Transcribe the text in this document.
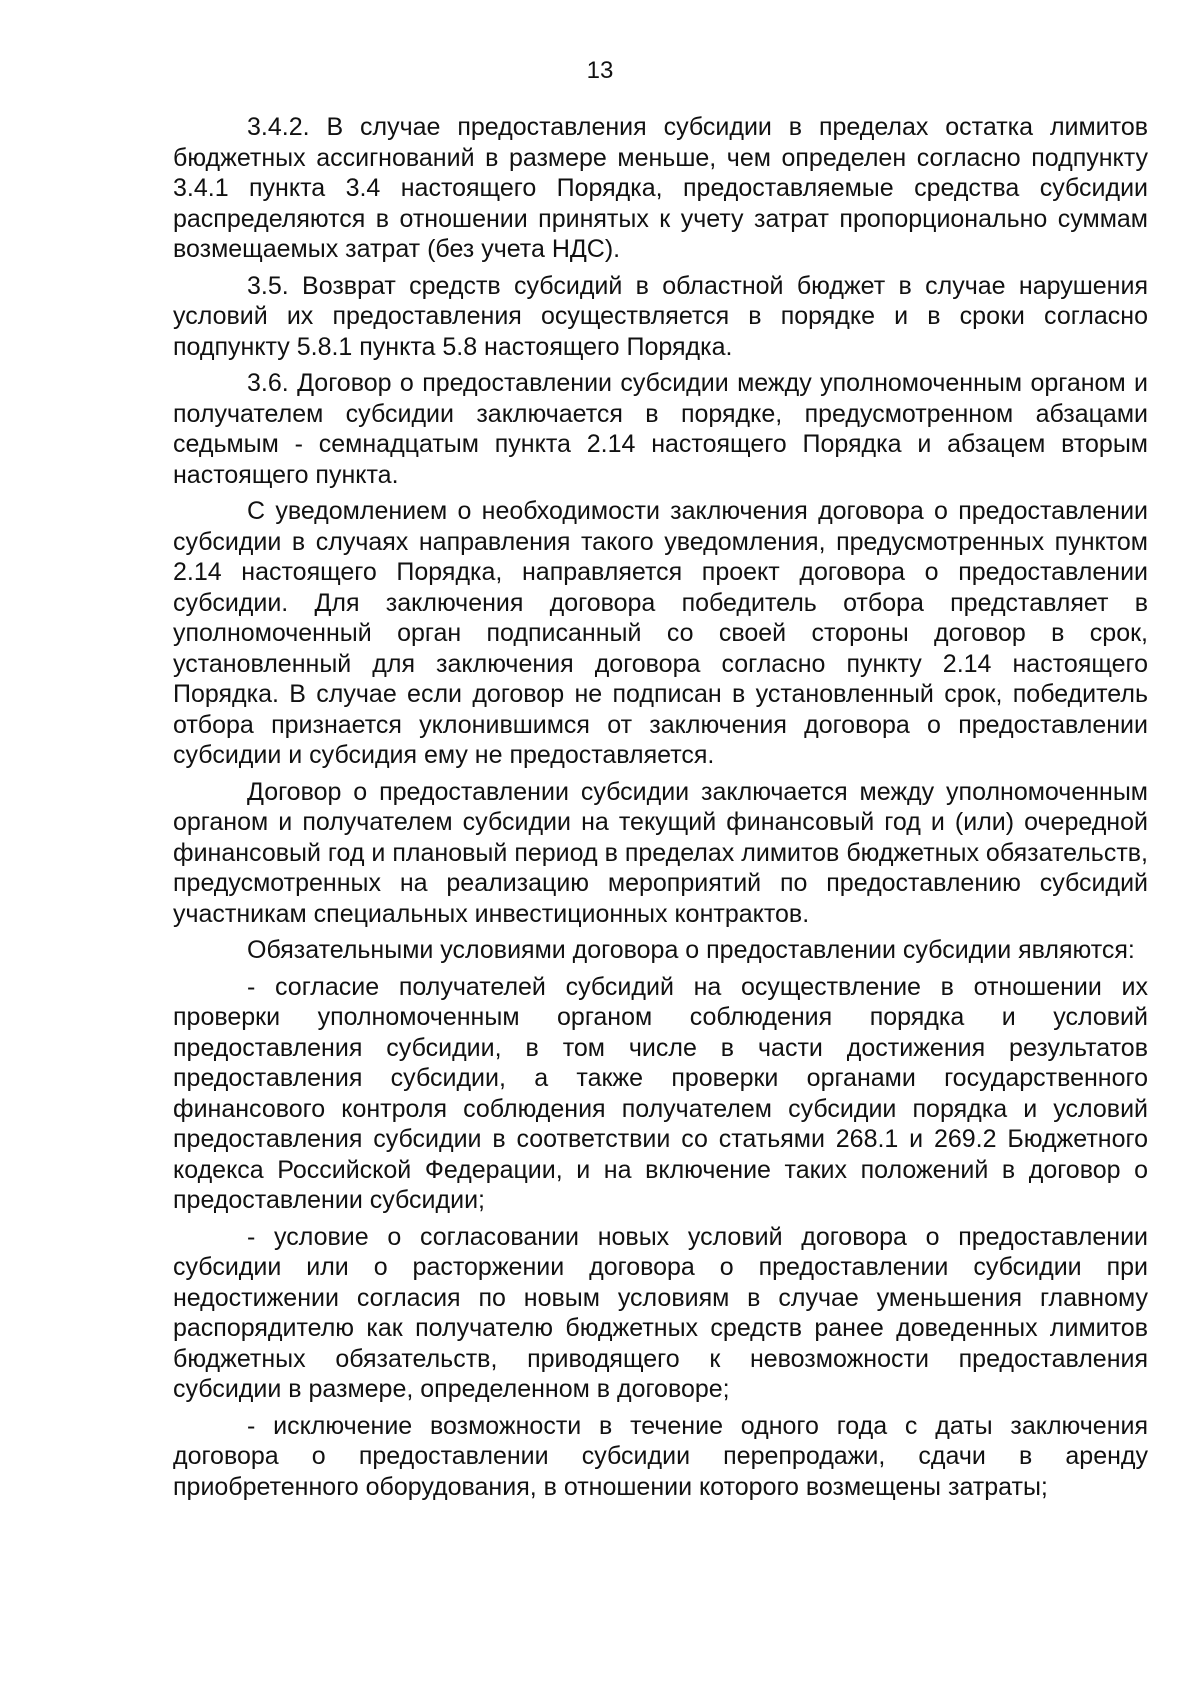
13

3.4.2. В случае предоставления субсидии в пределах остатка лимитов бюджетных ассигнований в размере меньше, чем определен согласно подпункту 3.4.1 пункта 3.4 настоящего Порядка, предоставляемые средства субсидии распределяются в отношении принятых к учету затрат пропорционально суммам возмещаемых затрат (без учета НДС).

3.5. Возврат средств субсидий в областной бюджет в случае нарушения условий их предоставления осуществляется в порядке и в сроки согласно подпункту 5.8.1 пункта 5.8 настоящего Порядка.

3.6. Договор о предоставлении субсидии между уполномоченным органом и получателем субсидии заключается в порядке, предусмотренном абзацами седьмым - семнадцатым пункта 2.14 настоящего Порядка и абзацем вторым настоящего пункта.

С уведомлением о необходимости заключения договора о предоставлении субсидии в случаях направления такого уведомления, предусмотренных пунктом 2.14 настоящего Порядка, направляется проект договора о предоставлении субсидии. Для заключения договора победитель отбора представляет в уполномоченный орган подписанный со своей стороны договор в срок, установленный для заключения договора согласно пункту 2.14 настоящего Порядка. В случае если договор не подписан в установленный срок, победитель отбора признается уклонившимся от заключения договора о предоставлении субсидии и субсидия ему не предоставляется.

Договор о предоставлении субсидии заключается между уполномоченным органом и получателем субсидии на текущий финансовый год и (или) очередной финансовый год и плановый период в пределах лимитов бюджетных обязательств, предусмотренных на реализацию мероприятий по предоставлению субсидий участникам специальных инвестиционных контрактов.

Обязательными условиями договора о предоставлении субсидии являются:

- согласие получателей субсидий на осуществление в отношении их проверки уполномоченным органом соблюдения порядка и условий предоставления субсидии, в том числе в части достижения результатов предоставления субсидии, а также проверки органами государственного финансового контроля соблюдения получателем субсидии порядка и условий предоставления субсидии в соответствии со статьями 268.1 и 269.2 Бюджетного кодекса Российской Федерации, и на включение таких положений в договор о предоставлении субсидии;

- условие о согласовании новых условий договора о предоставлении субсидии или о расторжении договора о предоставлении субсидии при недостижении согласия по новым условиям в случае уменьшения главному распорядителю как получателю бюджетных средств ранее доведенных лимитов бюджетных обязательств, приводящего к невозможности предоставления субсидии в размере, определенном в договоре;

- исключение возможности в течение одного года с даты заключения договора о предоставлении субсидии перепродажи, сдачи в аренду приобретенного оборудования, в отношении которого возмещены затраты;
